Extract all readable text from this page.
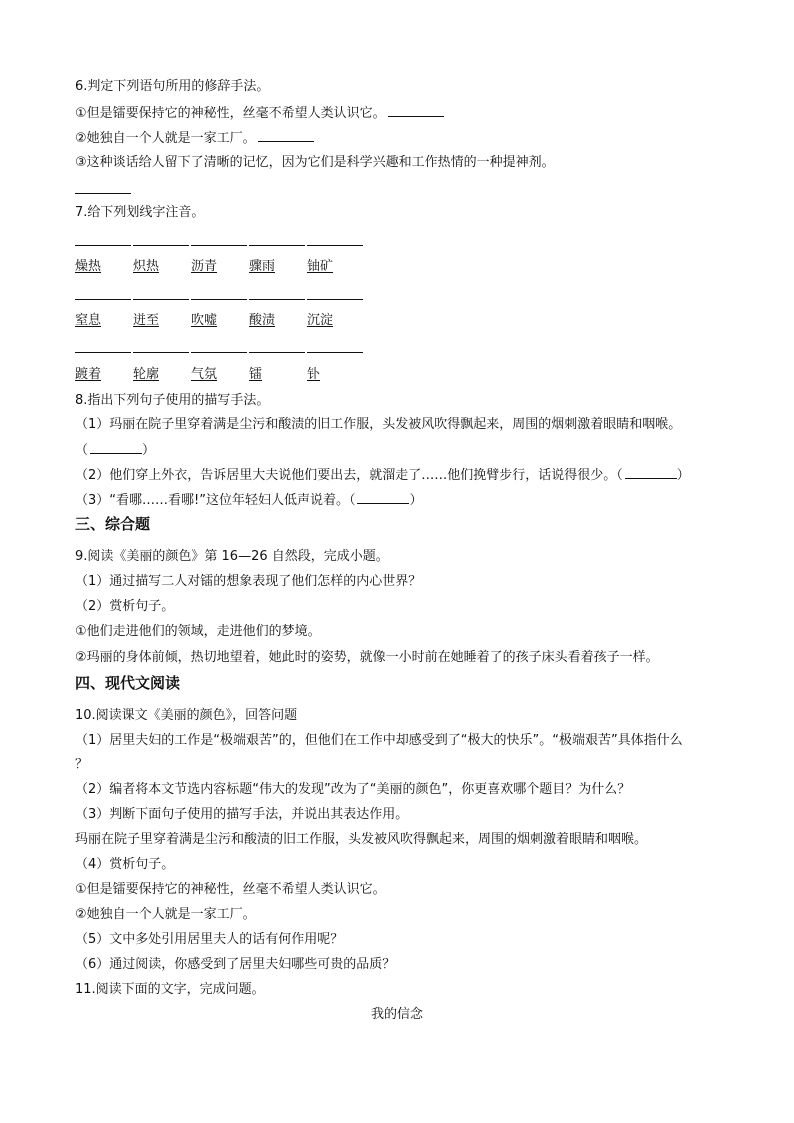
6.判定下列语句所用的修辞手法。
①但是镭要保持它的神秘性，丝毫不希望人类认识它。
②她独自一个人就是一家工厂。
③这种谈话给人留下了清晰的记忆，因为它们是科学兴趣和工作热情的一种提神剂。
7.给下列划线字注音。
燥热 炽热 沥青 骤雨 铀矿
窒息 迸至 吹嘘 酸渍 沉淀
踱着 轮廓 气氛 镭	钋
8.指出下列句子使用的描写手法。
（1）玛丽在院子里穿着满是尘污和酸渍的旧工作服，头发被风吹得飘起来，周围的烟刺激着眼睛和咽喉。
（	）
（2）他们穿上外衣，告诉居里大夫说他们要出去，就溜走了……他们挽臂步行，话说得很少。（	）
（3）“看哪……看哪!”这位年轻妇人低声说着。（	）
三、综合题
9.阅读《美丽的颜色》第 16—26 自然段，完成小题。
（1）通过描写二人对镭的想象表现了他们怎样的内心世界？
（2）赏析句子。
①他们走进他们的领域，走进他们的梦境。
②玛丽的身体前倾，热切地望着，她此时的姿势，就像一小时前在她睡着了的孩子床头看着孩子一样。
四、现代文阅读
10.阅读课文《美丽的颜色》，回答问题
（1）居里夫妇的工作是“极端艰苦”的，但他们在工作中却感受到了“极大的快乐”。“极端艰苦”具体指什么
？
（2）编者将本文节选内容标题“伟大的发现”改为了“美丽的颜色”，你更喜欢哪个题目？为什么？
（3）判断下面句子使用的描写手法，并说出其表达作用。
玛丽在院子里穿着满是尘污和酸渍的旧工作服，头发被风吹得飘起来，周围的烟刺激着眼睛和咽喉。
（4）赏析句子。
①但是镭要保持它的神秘性，丝毫不希望人类认识它。
②她独自一个人就是一家工厂。
（5）文中多处引用居里夫人的话有何作用呢？
（6）通过阅读，你感受到了居里夫妇哪些可贵的品质？
11.阅读下面的文字，完成问题。
我的信念
